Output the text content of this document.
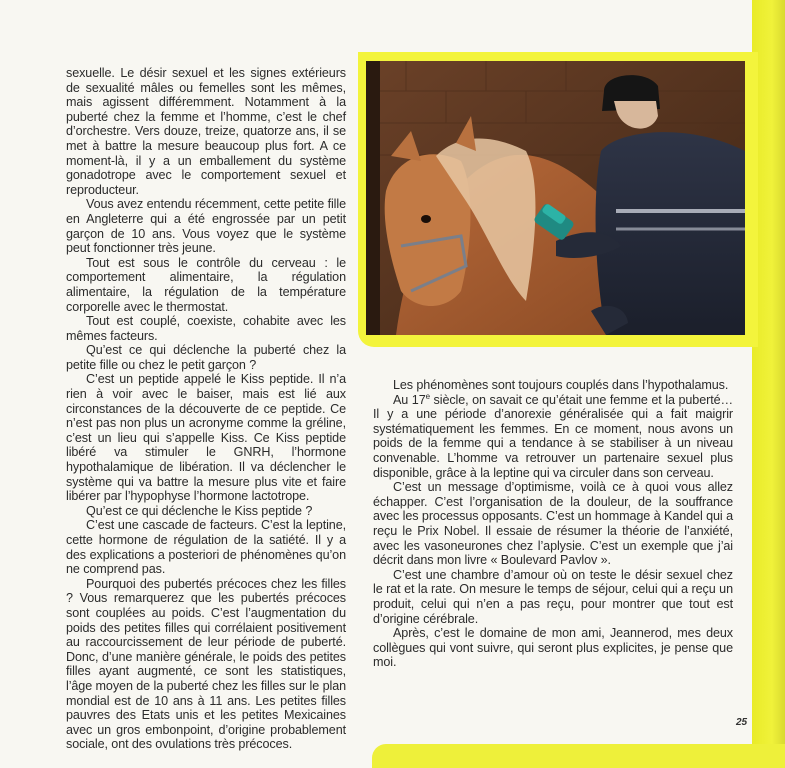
sexuelle. Le désir sexuel et les signes extérieurs de sexualité mâles ou femelles sont les mêmes, mais agissent différemment. Notamment à la puberté chez la femme et l’homme, c’est le chef d’orchestre. Vers douze, treize, quatorze ans, il se met à battre la mesure beaucoup plus fort. A ce moment-là, il y a un emballement du système gonadotrope avec le comportement sexuel et reproducteur.

Vous avez entendu récemment, cette petite fille en Angleterre qui a été engrossée par un petit garçon de 10 ans. Vous voyez que le système peut fonctionner très jeune.

Tout est sous le contrôle du cerveau : le comportement alimentaire, la régulation alimentaire, la régulation de la température corporelle avec le thermostat.

Tout est couplé, coexiste, cohabite avec les mêmes facteurs.

Qu’est ce qui déclenche la puberté chez la petite fille ou chez le petit garçon ?

C’est un peptide appelé le Kiss peptide. Il n’a rien à voir avec le baiser, mais est lié aux circonstances de la découverte de ce peptide. Ce n’est pas non plus un acronyme comme la gréline, c’est un lieu qui s’appelle Kiss. Ce Kiss peptide libéré va stimuler le GNRH, l’hormone hypothalamique de libération. Il va déclencher le système qui va battre la mesure plus vite et faire libérer par l’hypophyse l’hormone lactotrope.

Qu’est ce qui déclenche le Kiss peptide ?

C’est une cascade de facteurs. C’est la leptine, cette hormone de régulation de la satiété. Il y a des explications a posteriori de phénomènes qu’on ne comprend pas.

Pourquoi des pubertés précoces chez les filles ? Vous remarquerez que les pubertés précoces sont couplées au poids. C’est l’augmentation du poids des petites filles qui corrélaient positivement au raccourcissement de leur période de puberté. Donc, d’une manière générale, le poids des petites filles ayant augmenté, ce sont les statistiques, l’âge moyen de la puberté chez les filles sur le plan mondial est de 10 ans à 11 ans. Les petites filles pauvres des Etats unis et les petites Mexicaines avec un gros embonpoint, d’origine probablement sociale, ont des ovulations très précoces.

Les phénomènes sont toujours couplés dans l’hypothalamus.

Au 17e siècle, on savait ce qu’était une femme et la puberté… Il y a une période d’anorexie généralisée qui a fait maigrir systématiquement les femmes. En ce moment, nous avons un poids de la femme qui a tendance à se stabiliser à un niveau convenable. L’homme va retrouver un partenaire sexuel plus disponible, grâce à la leptine qui va circuler dans son cerveau.

C’est un message d’optimisme, voilà ce à quoi vous allez échapper. C’est l’organisation de la douleur, de la souffrance avec les processus opposants. C’est un hommage à Kandel qui a reçu le Prix Nobel. Il essaie de résumer la théorie de l’anxiété, avec les vasoneurones chez l’aplysie. C’est un exemple que j’ai décrit dans mon livre « Boulevard Pavlov ».

C’est une chambre d’amour où on teste le désir sexuel chez le rat et la rate. On mesure le temps de séjour, celui qui a reçu un produit, celui qui n’en a pas reçu, pour montrer que tout est d’origine cérébrale.

Après, c’est le domaine de mon ami, Jeannerod, mes deux collègues qui vont suivre, qui seront plus explicites, je pense que moi.

25
